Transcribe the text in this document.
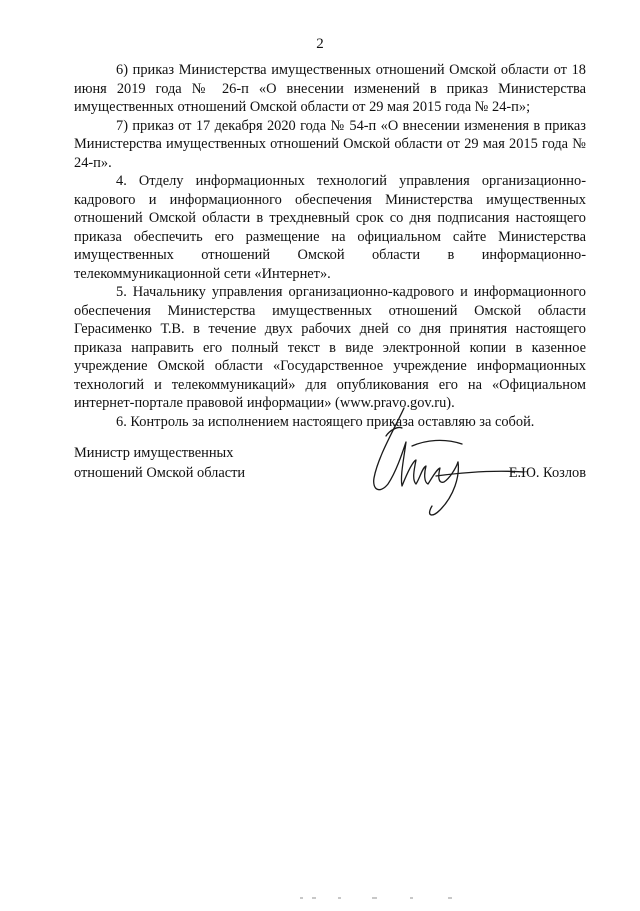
2

6) приказ Министерства имущественных отношений Омской области от 18 июня 2019 года № 26-п «О внесении изменений в приказ Министерства имущественных отношений Омской области от 29 мая 2015 года № 24-п»;

7) приказ от 17 декабря 2020 года № 54-п «О внесении изменения в приказ Министерства имущественных отношений Омской области от 29 мая 2015 года № 24-п».

4. Отделу информационных технологий управления организационно-кадрового и информационного обеспечения Министерства имущественных отношений Омской области в трехдневный срок со дня подписания настоящего приказа обеспечить его размещение на официальном сайте Министерства имущественных отношений Омской области в информационно-телекоммуникационной сети «Интернет».

5. Начальнику управления организационно-кадрового и информационного обеспечения Министерства имущественных отношений Омской области Герасименко Т.В. в течение двух рабочих дней со дня принятия настоящего приказа направить его полный текст в виде электронной копии в казенное учреждение Омской области «Государственное учреждение информационных технологий и телекоммуникаций» для опубликования его на «Официальном интернет-портале правовой информации» (www.pravo.gov.ru).

6. Контроль за исполнением настоящего приказа оставляю за собой.

Министр имущественных
отношений Омской области	Е.Ю. Козлов
